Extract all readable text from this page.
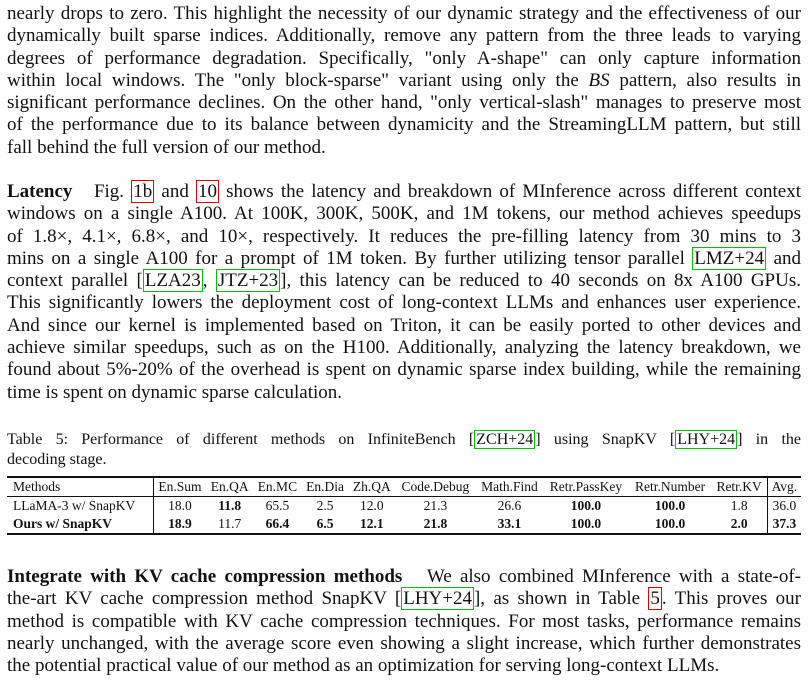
nearly drops to zero. This highlight the necessity of our dynamic strategy and the effectiveness of our
dynamically built sparse indices. Additionally, remove any pattern from the three leads to varying
degrees of performance degradation. Specifically, "only A-shape" can only capture information
within local windows. The "only block-sparse" variant using only the BS pattern, also results in
significant performance declines. On the other hand, "only vertical-slash" manages to preserve most
of the performance due to its balance between dynamicity and the StreamingLLM pattern, but still
fall behind the full version of our method.
Latency Fig. 1b and 10 shows the latency and breakdown of MInference across different context
windows on a single A100. At 100K, 300K, 500K, and 1M tokens, our method achieves speedups
of 1.8×, 4.1×, 6.8×, and 10×, respectively. It reduces the pre-filling latency from 30 mins to 3
mins on a single A100 for a prompt of 1M token. By further utilizing tensor parallel LMZ+24 and
context parallel [ LZA23 , JTZ+23 ], this latency can be reduced to 40 seconds on 8x A100 GPUs.
This significantly lowers the deployment cost of long-context LLMs and enhances user experience.
And since our kernel is implemented based on Triton, it can be easily ported to other devices and
achieve similar speedups, such as on the H100. Additionally, analyzing the latency breakdown, we
found about 5%-20% of the overhead is spent on dynamic sparse index building, while the remaining
time is spent on dynamic sparse calculation.
Table 5: Performance of different methods on InfiniteBench [ ZCH+24 ] using SnapKV [ LHY+24 ] in the
decoding stage.
Methods	En.Sum	En.QA	En.MC	En.Dia	Zh.QA	Code.Debug	Math.Find	Retr.PassKey	Retr.Number	Retr.KV	Avg.
LLaMA-3 w/ SnapKV	18.0	11.8	65.5	2.5	12.0	21.3	26.6	100.0	100.0	1.8	36.0
Ours w/ SnapKV	18.9	11.7	66.4	6.5	12.1	21.8	33.1	100.0	100.0	2.0	37.3
Integrate with KV cache compression methods We also combined MInference with a state-of-
the-art KV cache compression method SnapKV [ LHY+24 ], as shown in Table 5 . This proves our
method is compatible with KV cache compression techniques. For most tasks, performance remains
nearly unchanged, with the average score even showing a slight increase, which further demonstrates
the potential practical value of our method as an optimization for serving long-context LLMs.
